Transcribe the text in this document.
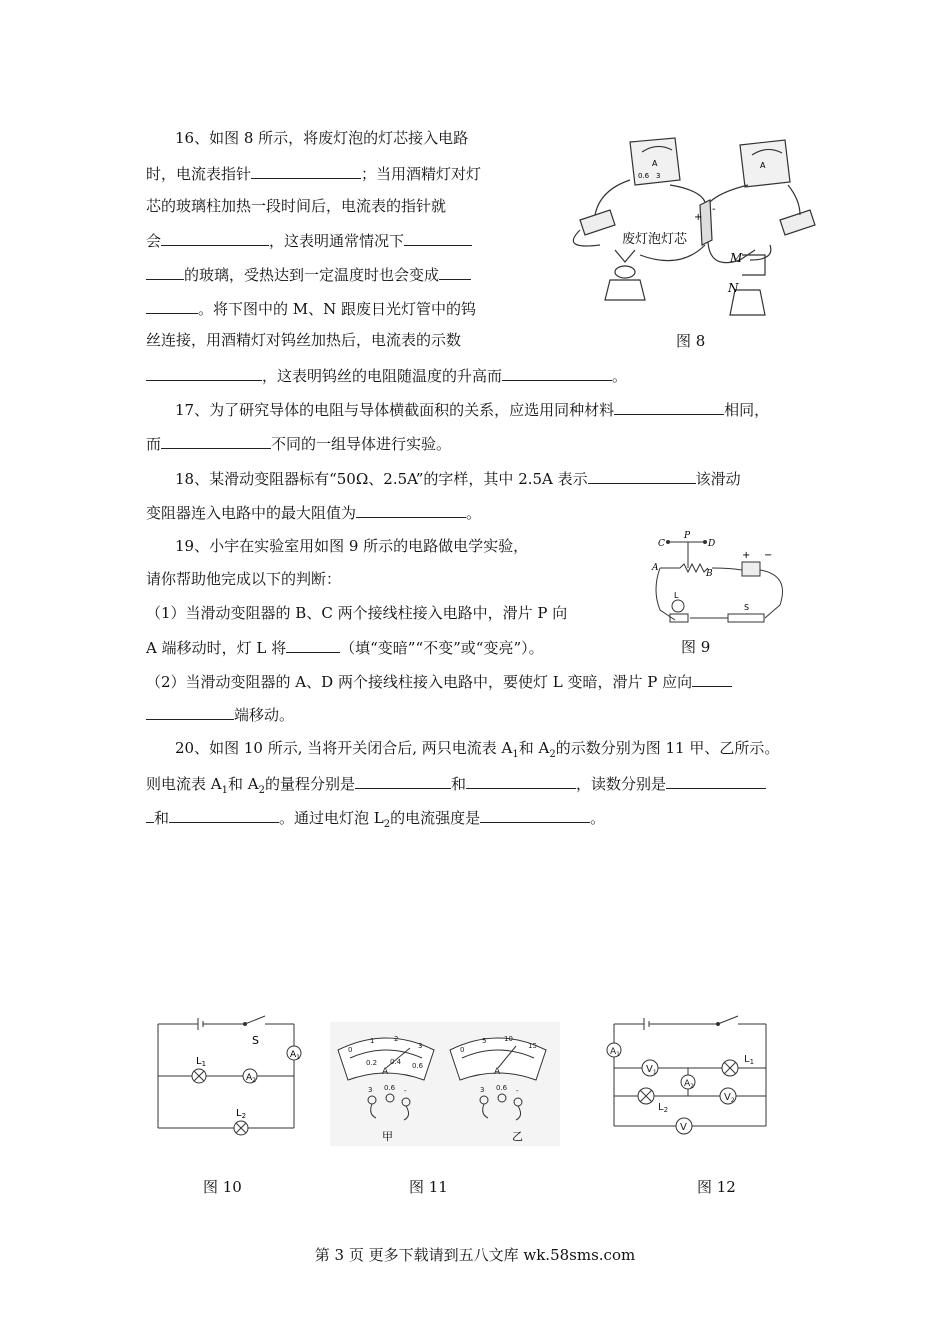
16、如图 8 所示，将废灯泡的灯芯接入电路
时，电流表指针	；当用酒精灯对灯
芯的玻璃柱加热一段时间后，电流表的指针就
会	，这表明通常情况下
的玻璃，受热达到一定温度时也会变成
。将下图中的 M、N 跟废日光灯管中的钨
丝连接，用酒精灯对钨丝加热后，电流表的示数
，这表明钨丝的电阻随温度的升高而	。
废灯泡灯芯
+
-
A	A
0.6 3
M
N
图 8
17、为了研究导体的电阻与导体横截面积的关系，应选用同种材料	相同，
而	不同的一组导体进行实验。
18、某滑动变阻器标有“50Ω、2.5A”的字样，其中 2.5A 表示	该滑动
变阻器连入电路中的最大阻值为	。
19、小宇在实验室用如图 9 所示的电路做电学实验，
请你帮助他完成以下的判断：
（1）当滑动变阻器的 B、C 两个接线柱接入电路中，滑片 P 向
A 端移动时，灯 L 将	（填“变暗”“不变”或“变亮”）。
（2）当滑动变阻器的 A、D 两个接线柱接入电路中，要使灯 L 变暗，滑片 P 应向
端移动。
C
P
D
A
B
+ −
L
S
图 9
20、如图 10 所示, 当将开关闭合后, 两只电流表 $A_1$和 $A_2$的示数分别为图 11 甲、乙所示。
则电流表 $A_1$和 $A_2$的量程分别是	和	，读数分别是
和	。通过电灯泡 $L_2$的电流强度是	。
S
$A_1$
$A_2$
$L_1$
$L_2$
图 10
0
1	2
3
0.2 0.4 0.6
A
0
5	10
15
A
3 0.6 -	3 0.6 -
甲	乙
图 11
$A_1$
$V_1$
$A_2$
$V_2$
V
$L_1$
$L_2$
图 12
第 3 页 更多下载请到五八文库 wk.58sms.com
